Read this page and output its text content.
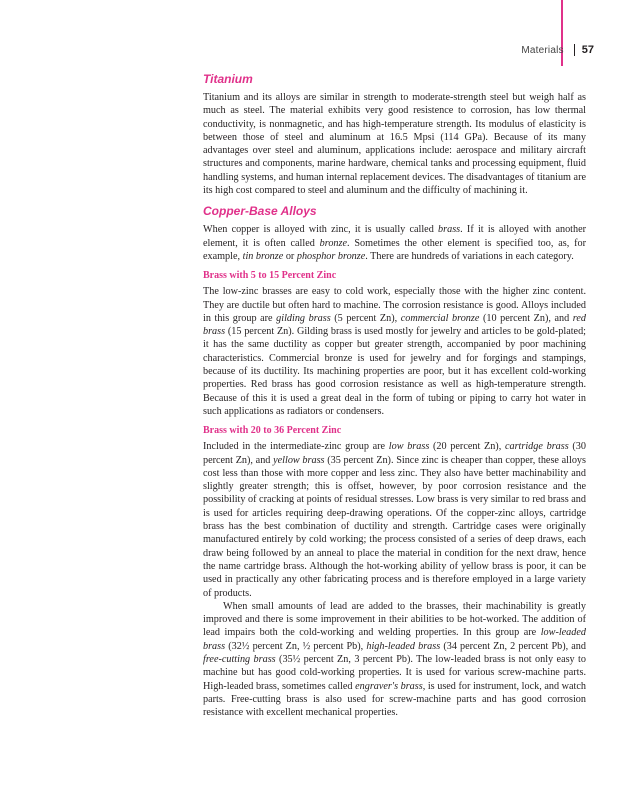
Materials 57
Titanium

Titanium and its alloys are similar in strength to moderate-strength steel but weigh half as much as steel. The material exhibits very good resistence to corrosion, has low thermal conductivity, is nonmagnetic, and has high-temperature strength. Its modulus of elasticity is between those of steel and aluminum at 16.5 Mpsi (114 GPa). Because of its many advantages over steel and aluminum, applications include: aerospace and military aircraft structures and components, marine hardware, chemical tanks and processing equipment, fluid handling systems, and human internal replacement devices. The disadvantages of titanium are its high cost compared to steel and aluminum and the difficulty of machining it.

Copper-Base Alloys

When copper is alloyed with zinc, it is usually called brass. If it is alloyed with another element, it is often called bronze. Sometimes the other element is specified too, as, for example, tin bronze or phosphor bronze. There are hundreds of variations in each category.

Brass with 5 to 15 Percent Zinc

The low-zinc brasses are easy to cold work, especially those with the higher zinc content. They are ductile but often hard to machine. The corrosion resistance is good. Alloys included in this group are gilding brass (5 percent Zn), commercial bronze (10 percent Zn), and red brass (15 percent Zn). Gilding brass is used mostly for jewelry and articles to be gold-plated; it has the same ductility as copper but greater strength, accompanied by poor machining characteristics. Commercial bronze is used for jewelry and for forgings and stampings, because of its ductility. Its machining properties are poor, but it has excellent cold-working properties. Red brass has good corrosion resistance as well as high-temperature strength. Because of this it is used a great deal in the form of tubing or piping to carry hot water in such applications as radiators or condensers.

Brass with 20 to 36 Percent Zinc

Included in the intermediate-zinc group are low brass (20 percent Zn), cartridge brass (30 percent Zn), and yellow brass (35 percent Zn). Since zinc is cheaper than copper, these alloys cost less than those with more copper and less zinc. They also have better machinability and slightly greater strength; this is offset, however, by poor corrosion resistance and the possibility of cracking at points of residual stresses. Low brass is very similar to red brass and is used for articles requiring deep-drawing operations. Of the copper-zinc alloys, cartridge brass has the best combination of ductility and strength. Cartridge cases were originally manufactured entirely by cold working; the process consisted of a series of deep draws, each draw being followed by an anneal to place the material in condition for the next draw, hence the name cartridge brass. Although the hot-working ability of yellow brass is poor, it can be used in practically any other fabricating process and is therefore employed in a large variety of products.

When small amounts of lead are added to the brasses, their machinability is greatly improved and there is some improvement in their abilities to be hot-worked. The addition of lead impairs both the cold-working and welding properties. In this group are low-leaded brass (32½ percent Zn, ½ percent Pb), high-leaded brass (34 percent Zn, 2 percent Pb), and free-cutting brass (35½ percent Zn, 3 percent Pb). The low-leaded brass is not only easy to machine but has good cold-working properties. It is used for various screw-machine parts. High-leaded brass, sometimes called engraver's brass, is used for instrument, lock, and watch parts. Free-cutting brass is also used for screw-machine parts and has good corrosion resistance with excellent mechanical properties.
